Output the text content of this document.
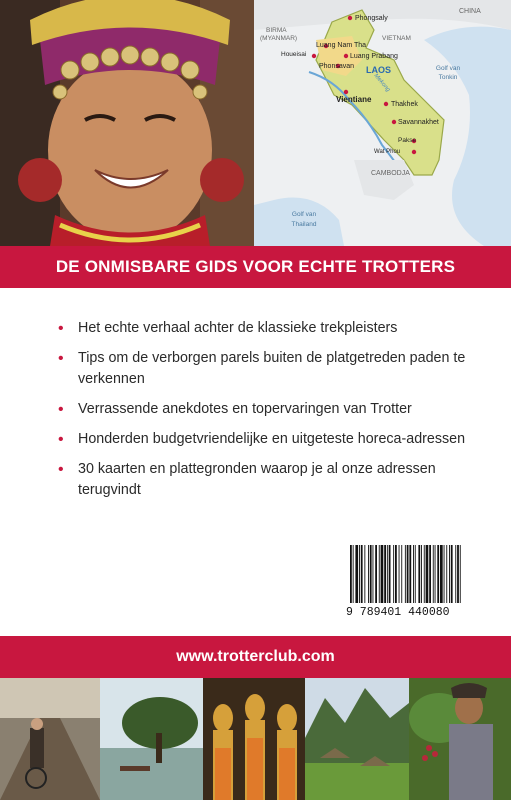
CHINA
BIRMA
(MYANMAR)	VIETNAM
Phongsaly
Luang Nam Tha
Houeisai	Luang Prabang
Phonsavan LAOS	Golf van Tonkin
Vientiane
Mekong
Thakhek
Savannakhet
Pakse
Wat Phou
CAMBODJA
Golf van Thailand
DE ONMISBARE GIDS VOOR ECHTE TROTTERS
• Het echte verhaal achter de klassieke trekpleisters
• Tips om de verborgen parels buiten de platgetreden paden te verkennen
• Verrassende anekdotes en topervaringen van Trotter
• Honderden budgetvriendelijke en uitgeteste horeca-adressen
• 30 kaarten en plattegronden waarop je al onze adressen terugvindt
9 789401 440080
www.trotterclub.com
